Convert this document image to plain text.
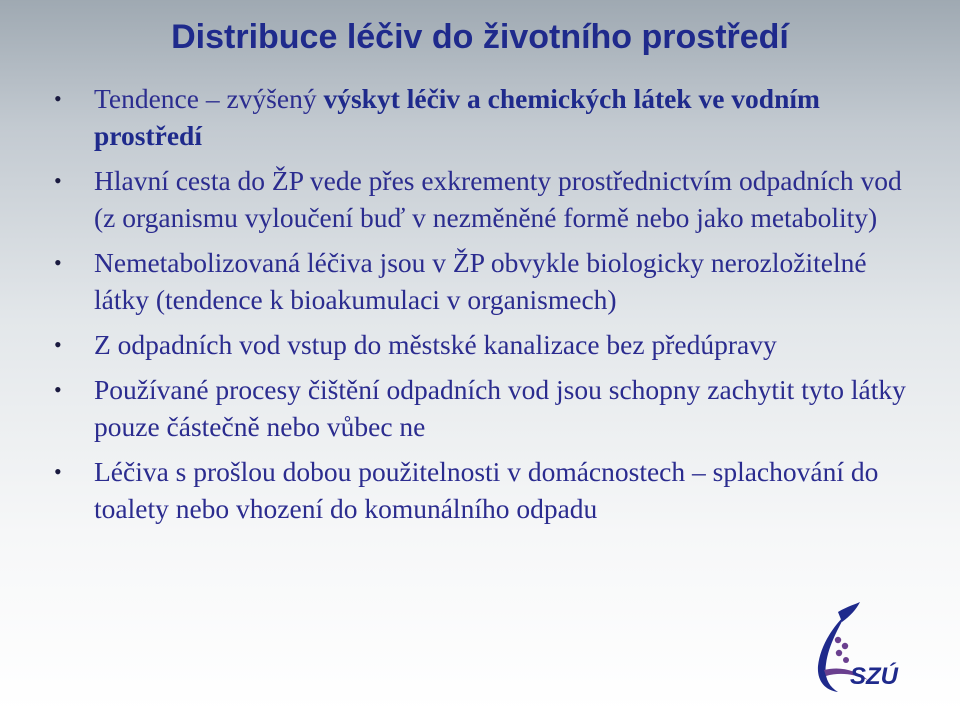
Distribuce léčiv do životního prostředí
• Tendence – zvýšený výskyt léčiv a chemických látek ve vodním prostředí
• Hlavní cesta do ŽP vede přes exkrementy prostřednictvím odpadních vod (z organismu vyloučení buď v nezměněné formě nebo jako metabolity)
• Nemetabolizovaná léčiva jsou v ŽP obvykle biologicky nerozložitelné látky (tendence k bioakumulaci v organismech)
• Z odpadních vod vstup do městské kanalizace bez předúpravy
• Používané procesy čištění odpadních vod jsou schopny zachytit tyto látky pouze částečně nebo vůbec ne
• Léčiva s prošlou dobou použitelnosti v domácnostech – splachování do toalety nebo vhození do komunálního odpadu
SZÚ
